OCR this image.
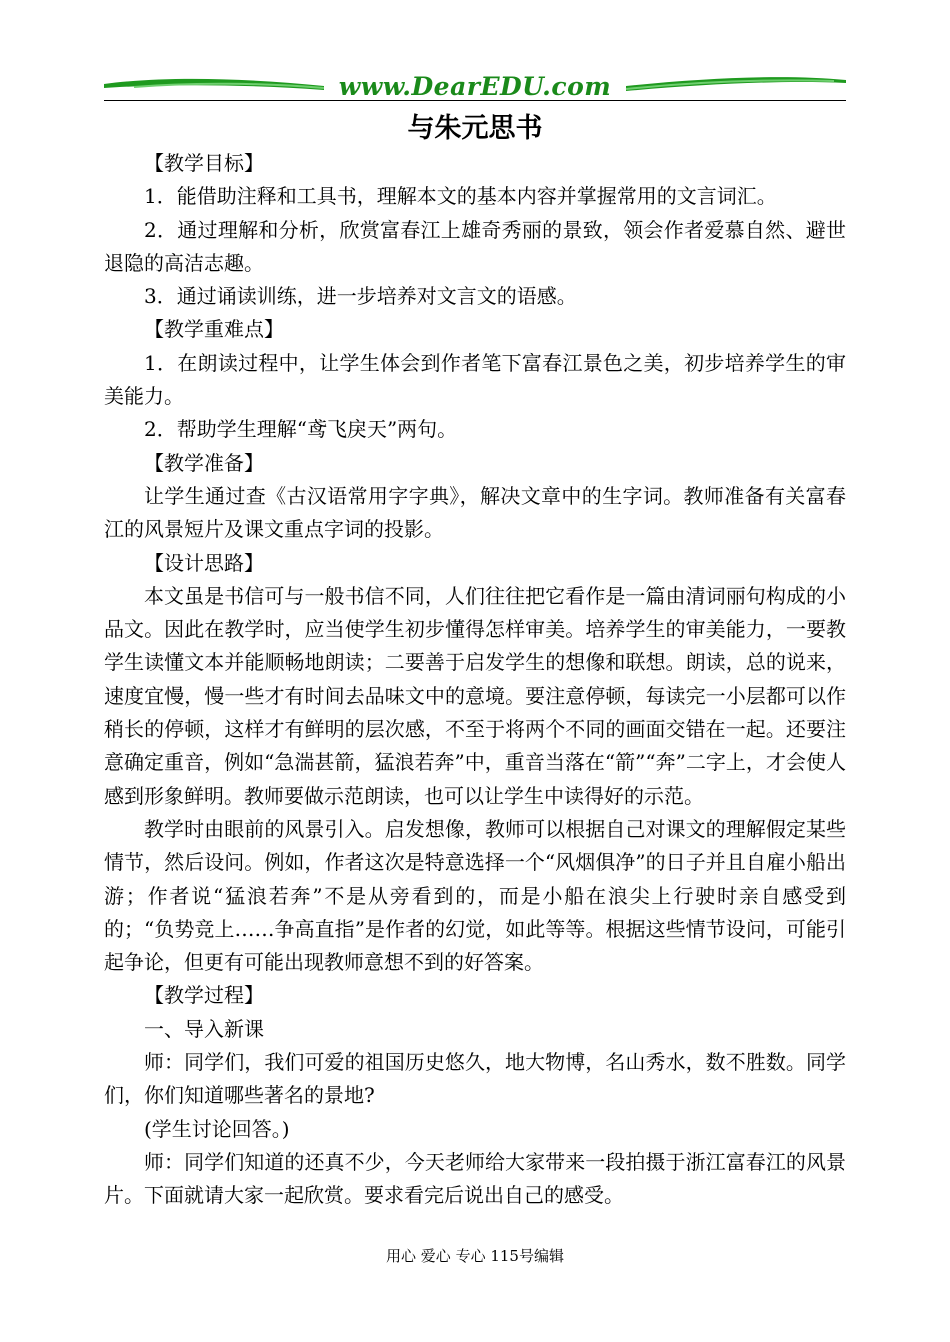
www.DearEDU.com
与朱元思书

【教学目标】

1．能借助注释和工具书，理解本文的基本内容并掌握常用的文言词汇。

2．通过理解和分析，欣赏富春江上雄奇秀丽的景致，领会作者爱慕自然、避世退隐的高洁志趣。

3．通过诵读训练，进一步培养对文言文的语感。

【教学重难点】

1．在朗读过程中，让学生体会到作者笔下富春江景色之美，初步培养学生的审美能力。

2．帮助学生理解“鸢飞戾天”两句。

【教学准备】

让学生通过查《古汉语常用字字典》，解决文章中的生字词。教师准备有关富春江的风景短片及课文重点字词的投影。

【设计思路】

本文虽是书信可与一般书信不同，人们往往把它看作是一篇由清词丽句构成的小品文。因此在教学时，应当使学生初步懂得怎样审美。培养学生的审美能力，一要教学生读懂文本并能顺畅地朗读；二要善于启发学生的想像和联想。朗读，总的说来，速度宜慢，慢一些才有时间去品味文中的意境。要注意停顿，每读完一小层都可以作稍长的停顿，这样才有鲜明的层次感，不至于将两个不同的画面交错在一起。还要注意确定重音，例如“急湍甚箭，猛浪若奔”中，重音当落在“箭”“奔”二字上，才会使人感到形象鲜明。教师要做示范朗读，也可以让学生中读得好的示范。

教学时由眼前的风景引入。启发想像，教师可以根据自己对课文的理解假定某些情节，然后设问。例如，作者这次是特意选择一个“风烟俱净”的日子并且自雇小船出游；作者说“猛浪若奔”不是从旁看到的，而是小船在浪尖上行驶时亲自感受到的；“负势竞上……争高直指”是作者的幻觉，如此等等。根据这些情节设问，可能引起争论，但更有可能出现教师意想不到的好答案。

【教学过程】

一、导入新课

师：同学们，我们可爱的祖国历史悠久，地大物博，名山秀水，数不胜数。同学们，你们知道哪些著名的景地?

(学生讨论回答。)

师：同学们知道的还真不少，今天老师给大家带来一段拍摄于浙江富春江的风景片。下面就请大家一起欣赏。要求看完后说出自己的感受。

用心 爱心 专心 115号编辑
